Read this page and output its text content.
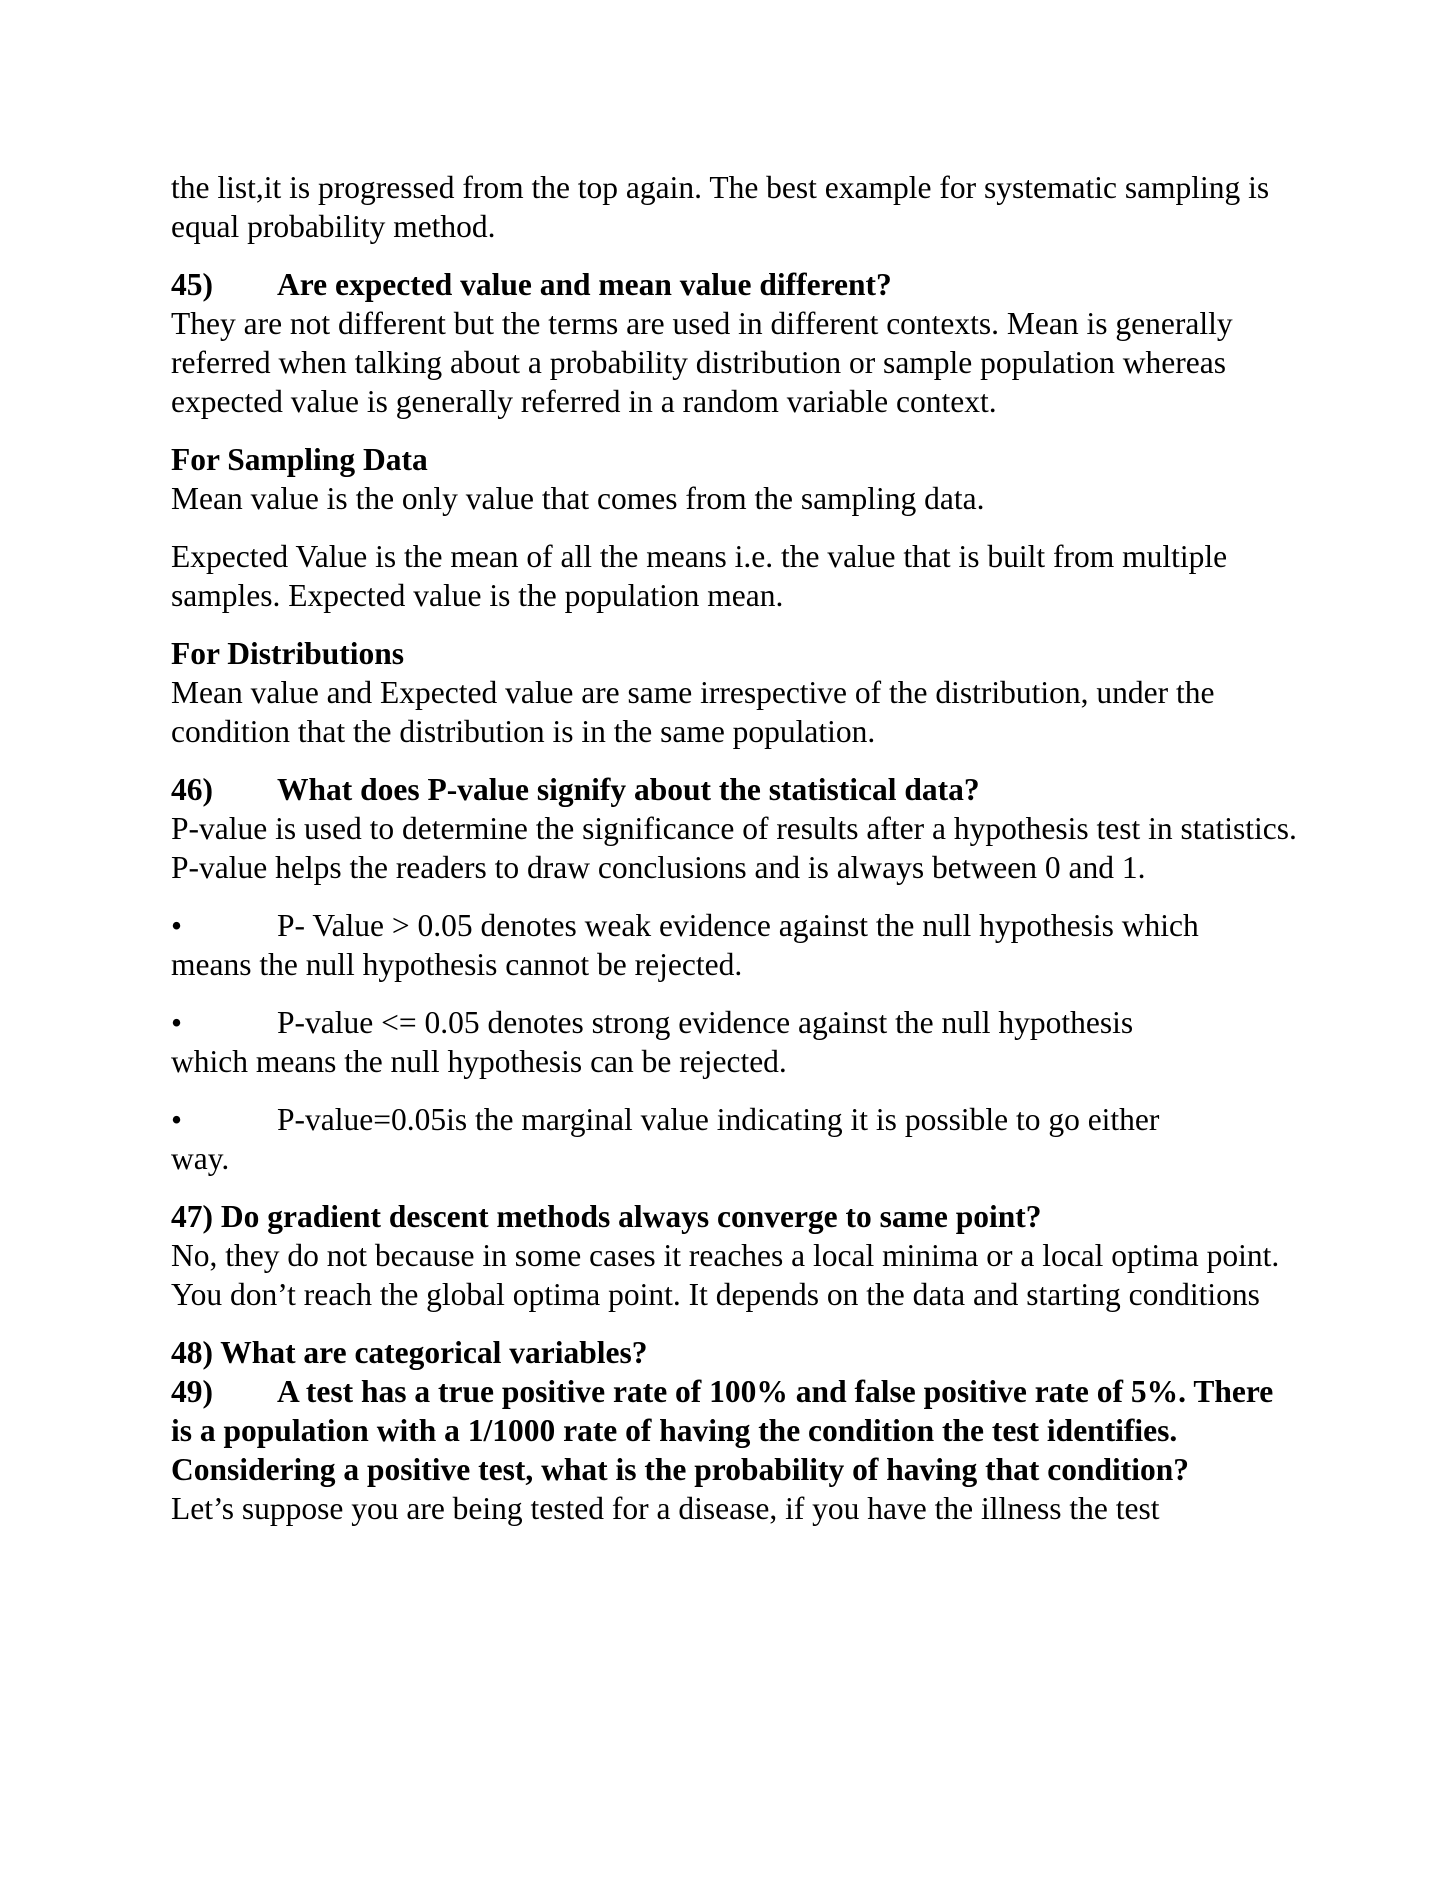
the list,it is progressed from the top again. The best example for systematic sampling is equal probability method.

45) Are expected value and mean value different?

They are not different but the terms are used in different contexts. Mean is generally referred when talking about a probability distribution or sample population whereas expected value is generally referred in a random variable context.

For Sampling Data

Mean value is the only value that comes from the sampling data.

Expected Value is the mean of all the means i.e. the value that is built from multiple samples. Expected value is the population mean.

For Distributions

Mean value and Expected value are same irrespective of the distribution, under the condition that the distribution is in the same population.

46) What does P-value signify about the statistical data?

P-value is used to determine the significance of results after a hypothesis test in statistics. P-value helps the readers to draw conclusions and is always between 0 and 1.

•	P- Value > 0.05 denotes weak evidence against the null hypothesis which
means the null hypothesis cannot be rejected.

•	P-value <= 0.05 denotes strong evidence against the null hypothesis
which means the null hypothesis can be rejected.

•	P-value=0.05is the marginal value indicating it is possible to go either
way.

47) Do gradient descent methods always converge to same point?

No, they do not because in some cases it reaches a local minima or a local optima point. You don’t reach the global optima point. It depends on the data and starting conditions

48) What are categorical variables?

49) A test has a true positive rate of 100% and false positive rate of 5%. There is a population with a 1/1000 rate of having the condition the test identifies. Considering a positive test, what is the probability of having that condition?

Let’s suppose you are being tested for a disease, if you have the illness the test
